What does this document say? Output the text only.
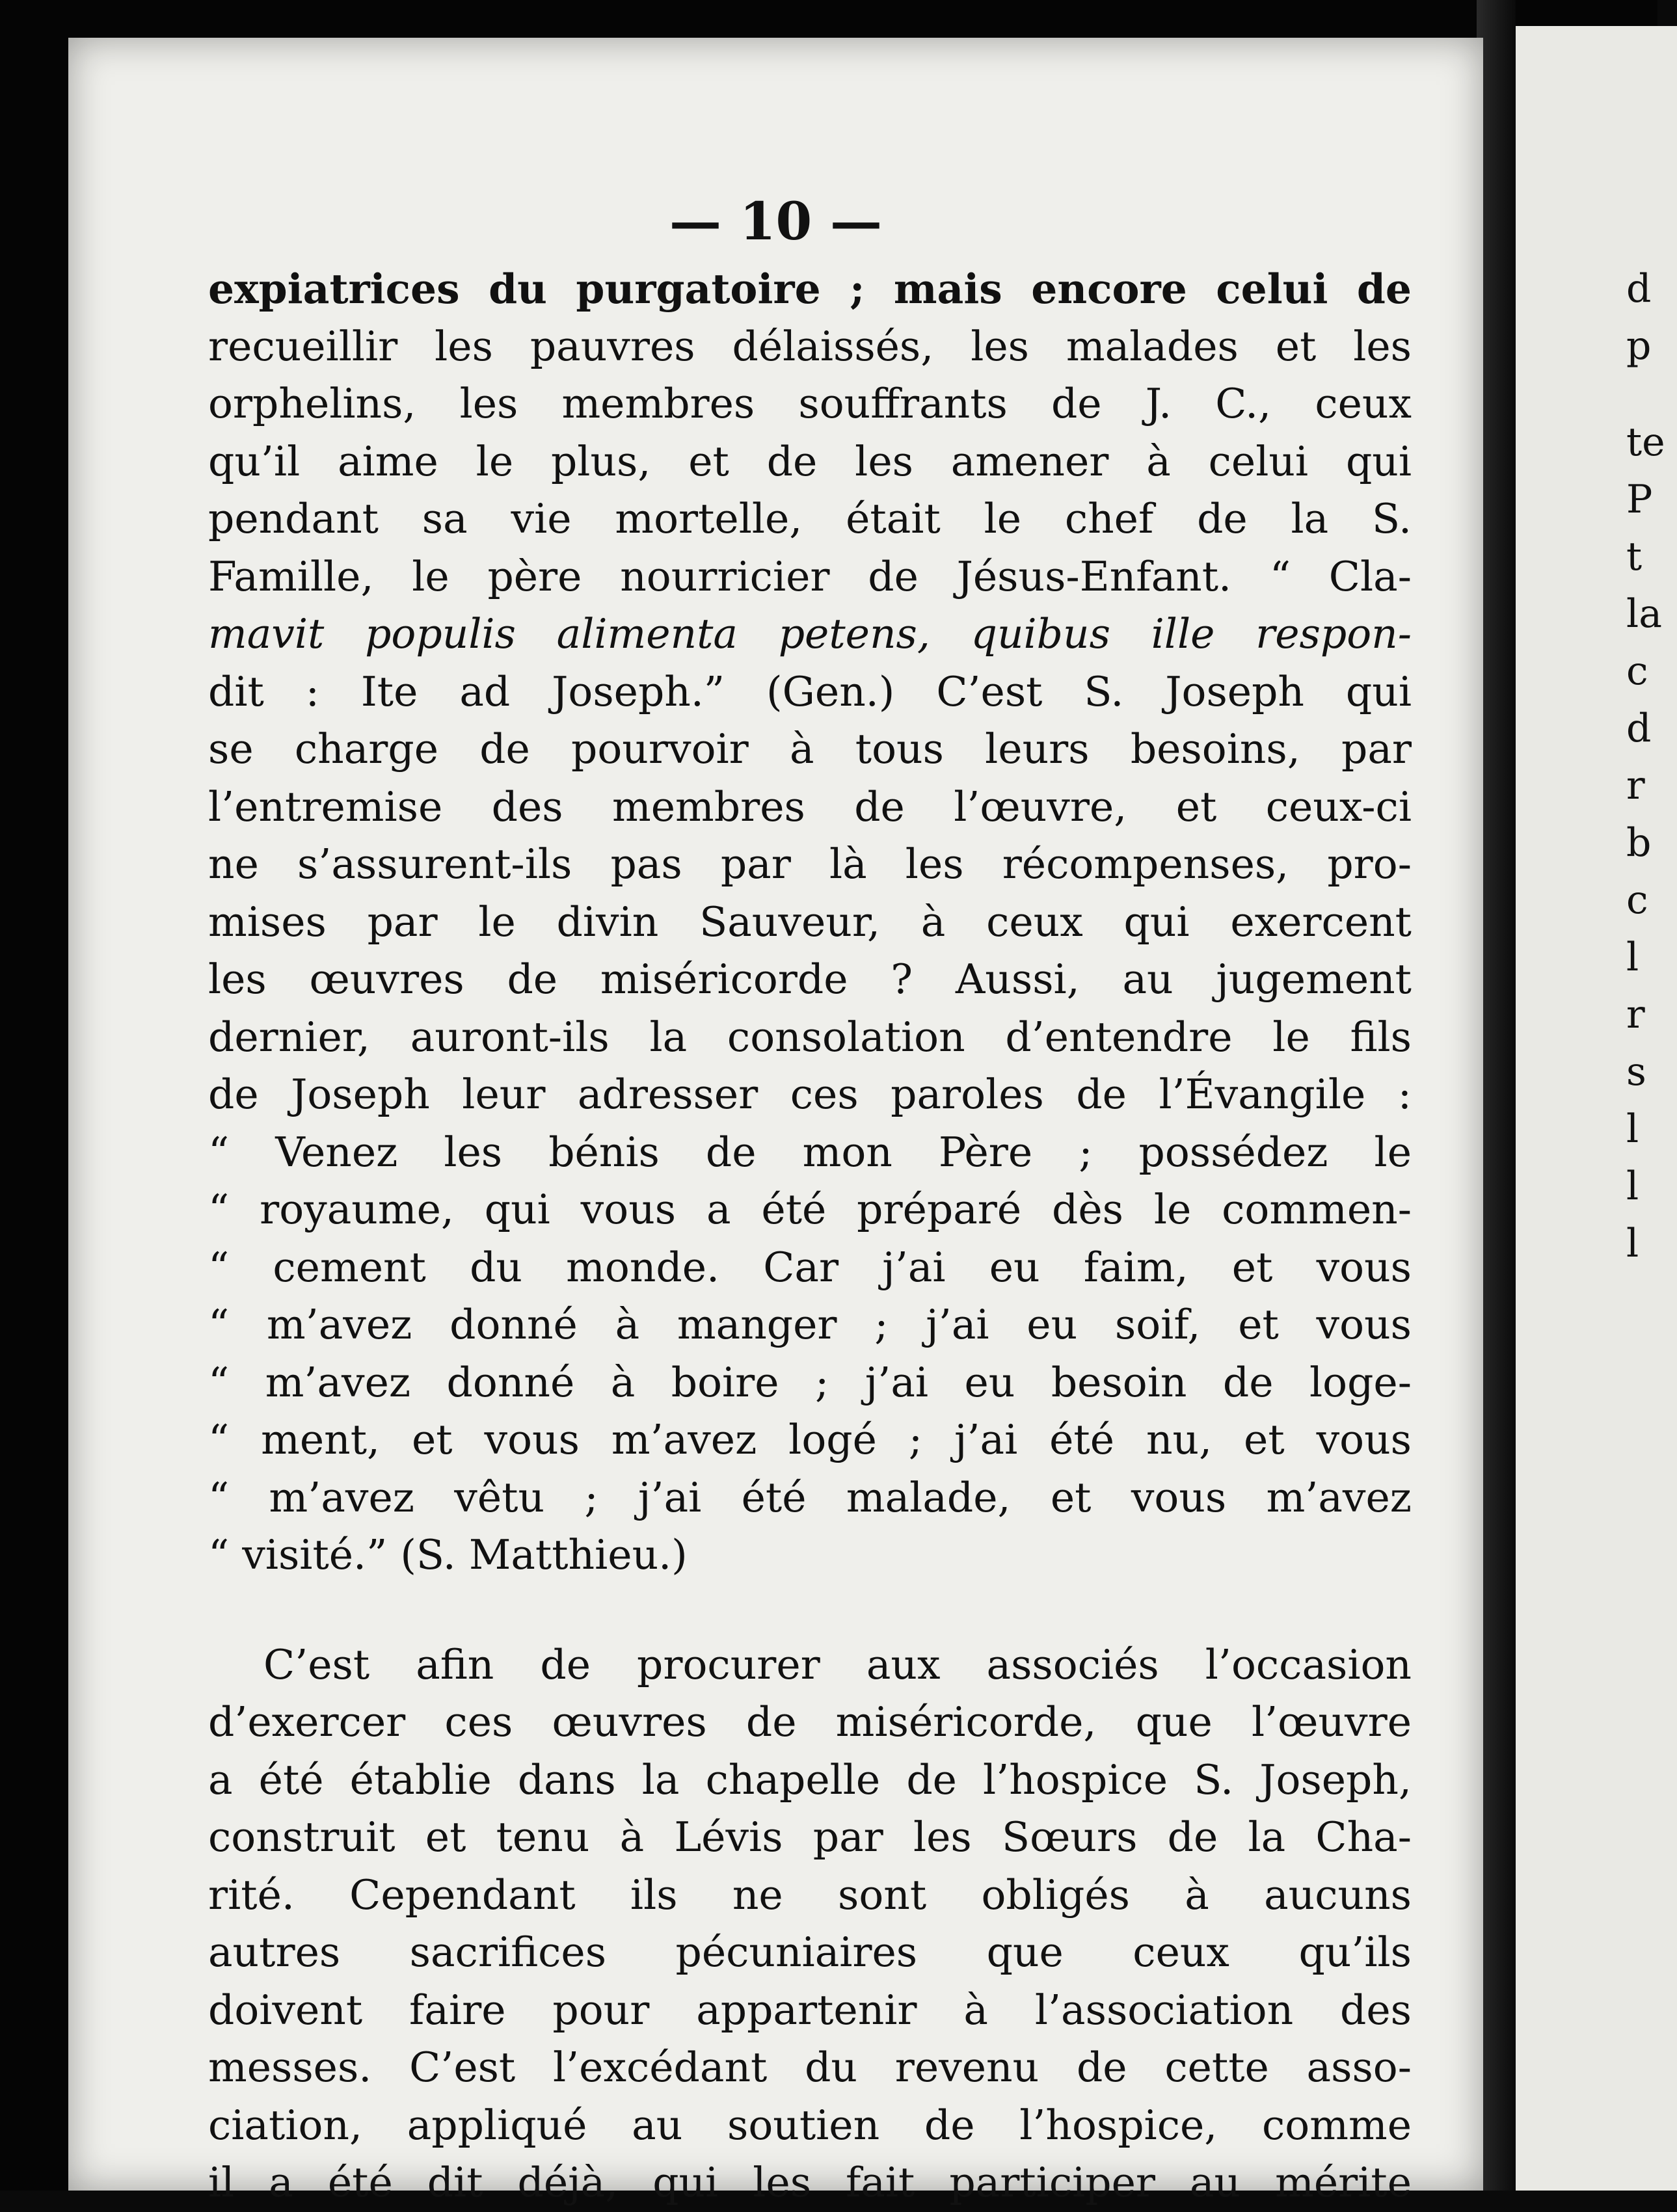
— 10 —
expiatrices du purgatoire ; mais encore celui de
recueillir les pauvres délaissés, les malades et les
orphelins, les membres souffrants de J. C., ceux
qu’il aime le plus, et de les amener à celui qui
pendant sa vie mortelle, était le chef de la S.
Famille, le père nourricier de Jésus-Enfant. “ Cla-
mavit populis alimenta petens, quibus ille respon-
dit : Ite ad Joseph.” (Gen.) C’est S. Joseph qui
se charge de pourvoir à tous leurs besoins, par
l’entremise des membres de l’œuvre, et ceux-ci
ne s’assurent-ils pas par là les récompenses, pro-
mises par le divin Sauveur, à ceux qui exercent
les œuvres de miséricorde ? Aussi, au jugement
dernier, auront-ils la consolation d’entendre le fils
de Joseph leur adresser ces paroles de l’Évangile :
“ Venez les bénis de mon Père ; possédez le
“ royaume, qui vous a été préparé dès le commen-
“ cement du monde. Car j’ai eu faim, et vous
“ m’avez donné à manger ; j’ai eu soif, et vous
“ m’avez donné à boire ; j’ai eu besoin de loge-
“ ment, et vous m’avez logé ; j’ai été nu, et vous
“ m’avez vêtu ; j’ai été malade, et vous m’avez
“ visité.” (S. Matthieu.)
C’est afin de procurer aux associés l’occasion
d’exercer ces œuvres de miséricorde, que l’œuvre
a été établie dans la chapelle de l’hospice S. Joseph,
construit et tenu à Lévis par les Sœurs de la Cha-
rité. Cependant ils ne sont obligés à aucuns
autres sacrifices pécuniaires que ceux qu’ils
doivent faire pour appartenir à l’association des
messes. C’est l’excédant du revenu de cette asso-
ciation, appliqué au soutien de l’hospice, comme
il a été dit déjà, qui les fait participer au mérite
d
p
te
P
t
la
c
d
r
b
c
l
r
s
l
l
l
